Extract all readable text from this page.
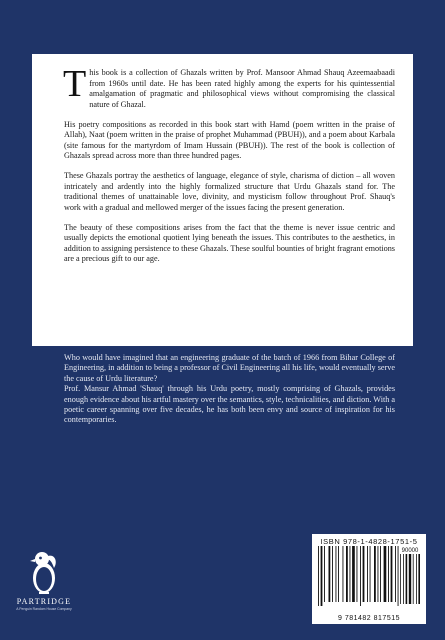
This book is a collection of Ghazals written by Prof. Mansoor Ahmad Shauq Azeemaabaadi from 1960s until date. He has been rated highly among the experts for his quintessential amalgamation of pragmatic and philosophical views without compromising the classical nature of Ghazal.

His poetry compositions as recorded in this book start with Hamd (poem written in the praise of Allah), Naat (poem written in the praise of prophet Muhammad (PBUH)), and a poem about Karbala (site famous for the martyrdom of Imam Hussain (PBUH)). The rest of the book is collection of Ghazals spread across more than three hundred pages.

These Ghazals portray the aesthetics of language, elegance of style, charisma of diction – all woven intricately and ardently into the highly formalized structure that Urdu Ghazals stand for. The traditional themes of unattainable love, divinity, and mysticism follow throughout Prof. Shauq's work with a gradual and mellowed merger of the issues facing the present generation.

The beauty of these compositions arises from the fact that the theme is never issue centric and usually depicts the emotional quotient lying beneath the issues. This contributes to the aesthetics, in addition to assigning persistence to these Ghazals. These soulful bounties of bright fragrant emotions are a precious gift to our age.

Who would have imagined that an engineering graduate of the batch of 1966 from Bihar College of Engineering, in addition to being a professor of Civil Engineering all his life, would eventually serve the cause of Urdu literature?

Prof. Mansur Ahmad 'Shauq' through his Urdu poetry, mostly comprising of Ghazals, provides enough evidence about his artful mastery over the semantics, style, technicalities, and diction. With a poetic career spanning over five decades, he has both been envy and source of inspiration for his contemporaries.

PARTRIDGE
A Penguin Random House Company
ISBN 978-1-4828-1751-5
90000
9 781482 817515
